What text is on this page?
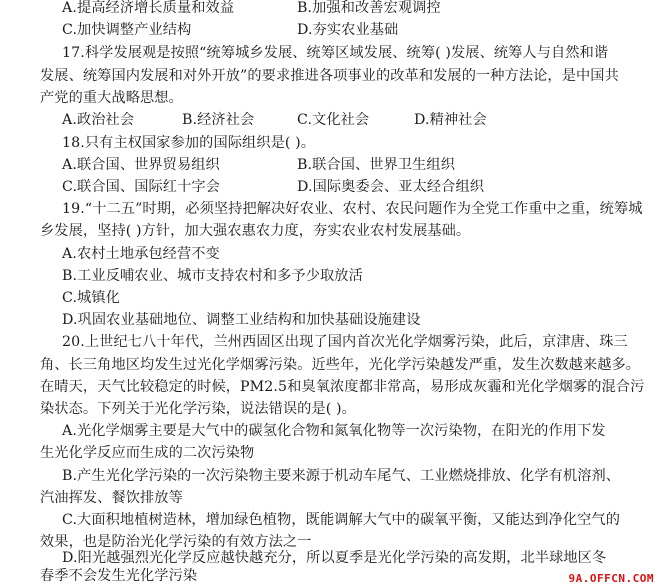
A.提高经济增长质量和效益	B.加强和改善宏观调控
C.加快调整产业结构	D.夯实农业基础
17.科学发展观是按照“统筹城乡发展、统筹区域发展、统筹( )发展、统筹人与自然和谐
发展、统筹国内发展和对外开放”的要求推进各项事业的改革和发展的一种方法论，是中国共
产党的重大战略思想。
A.政治社会	B.经济社会	C.文化社会	D.精神社会
18.只有主权国家参加的国际组织是( )。
A.联合国、世界贸易组织	B.联合国、世界卫生组织
C.联合国、国际红十字会	D.国际奥委会、亚太经合组织
19.“十二五”时期，必须坚持把解决好农业、农村、农民问题作为全党工作重中之重，统筹城
乡发展，坚持( )方针，加大强农惠农力度，夯实农业农村发展基础。
A.农村土地承包经营不变
B.工业反哺农业、城市支持农村和多予少取放活
C.城镇化
D.巩固农业基础地位、调整工业结构和加快基础设施建设
20.上世纪七八十年代，兰州西固区出现了国内首次光化学烟雾污染，此后，京津唐、珠三
角、长三角地区均发生过光化学烟雾污染。近些年，光化学污染越发严重，发生次数越来越多。
在晴天，天气比较稳定的时候，PM2.5和臭氧浓度都非常高，易形成灰霾和光化学烟雾的混合污
染状态。下列关于光化学污染，说法错误的是( )。
A.光化学烟雾主要是大气中的碳氢化合物和氮氧化物等一次污染物，在阳光的作用下发
生光化学反应而生成的二次污染物
B.产生光化学污染的一次污染物主要来源于机动车尾气、工业燃烧排放、化学有机溶剂、
汽油挥发、餐饮排放等
C.大面积地植树造林，增加绿色植物，既能调解大气中的碳氧平衡，又能达到净化空气的
效果，也是防治光化学污染的有效方法之一
D.阳光越强烈光化学反应越快越充分，所以夏季是光化学污染的高发期，北半球地区冬
春季不会发生光化学污染	9A.OFFCN.COM
